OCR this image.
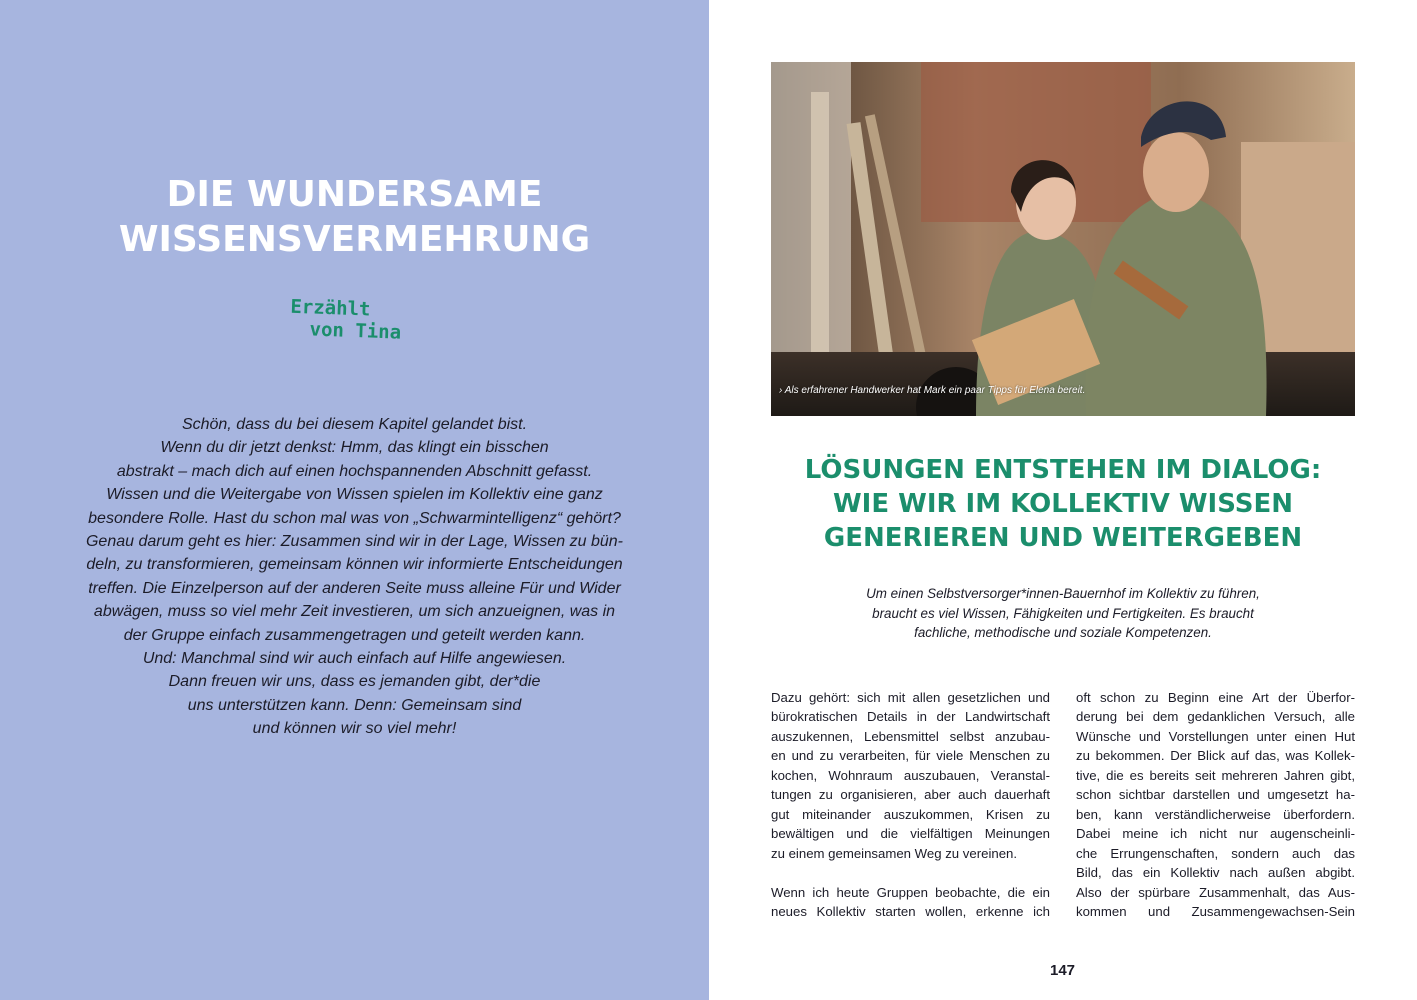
DIE WUNDERSAME
WISSENSVERMEHRUNG

Erzählt
von Tina

Schön, dass du bei diesem Kapitel gelandet bist.
Wenn du dir jetzt denkst: Hmm, das klingt ein bisschen
abstrakt – mach dich auf einen hochspannenden Abschnitt gefasst.
Wissen und die Weitergabe von Wissen spielen im Kollektiv eine ganz
besondere Rolle. Hast du schon mal was von „Schwarmintelligenz“ gehört?
Genau darum geht es hier: Zusammen sind wir in der Lage, Wissen zu bün-
deln, zu transformieren, gemeinsam können wir informierte Entscheidungen
treffen. Die Einzelperson auf der anderen Seite muss alleine Für und Wider
abwägen, muss so viel mehr Zeit investieren, um sich anzueignen, was in
der Gruppe einfach zusammengetragen und geteilt werden kann.
Und: Manchmal sind wir auch einfach auf Hilfe angewiesen.
Dann freuen wir uns, dass es jemanden gibt, der*die
uns unterstützen kann. Denn: Gemeinsam sind
und können wir so viel mehr!

› Als erfahrener Handwerker hat Mark ein paar Tipps für Elena bereit.

LÖSUNGEN ENTSTEHEN IM DIALOG:
WIE WIR IM KOLLEKTIV WISSEN
GENERIEREN UND WEITERGEBEN

Um einen Selbstversorger*innen-Bauernhof im Kollektiv zu führen,
braucht es viel Wissen, Fähigkeiten und Fertigkeiten. Es braucht
fachliche, methodische und soziale Kompetenzen.

Dazu gehört: sich mit allen gesetzlichen und
bürokratischen Details in der Landwirtschaft
auszukennen, Lebensmittel selbst anzubau-
en und zu verarbeiten, für viele Menschen zu
kochen, Wohnraum auszubauen, Veranstal-
tungen zu organisieren, aber auch dauerhaft
gut miteinander auszukommen, Krisen zu
bewältigen und die vielfältigen Meinungen
zu einem gemeinsamen Weg zu vereinen.
Wenn ich heute Gruppen beobachte, die ein
neues Kollektiv starten wollen, erkenne ich
oft schon zu Beginn eine Art der Überfor-
derung bei dem gedanklichen Versuch, alle
Wünsche und Vorstellungen unter einen Hut
zu bekommen. Der Blick auf das, was Kollek-
tive, die es bereits seit mehreren Jahren gibt,
schon sichtbar darstellen und umgesetzt ha-
ben, kann verständlicherweise überfordern.
Dabei meine ich nicht nur augenscheinli-
che Errungenschaften, sondern auch das
Bild, das ein Kollektiv nach außen abgibt.
Also der spürbare Zusammenhalt, das Aus-
kommen und Zusammengewachsen-Sein

147
